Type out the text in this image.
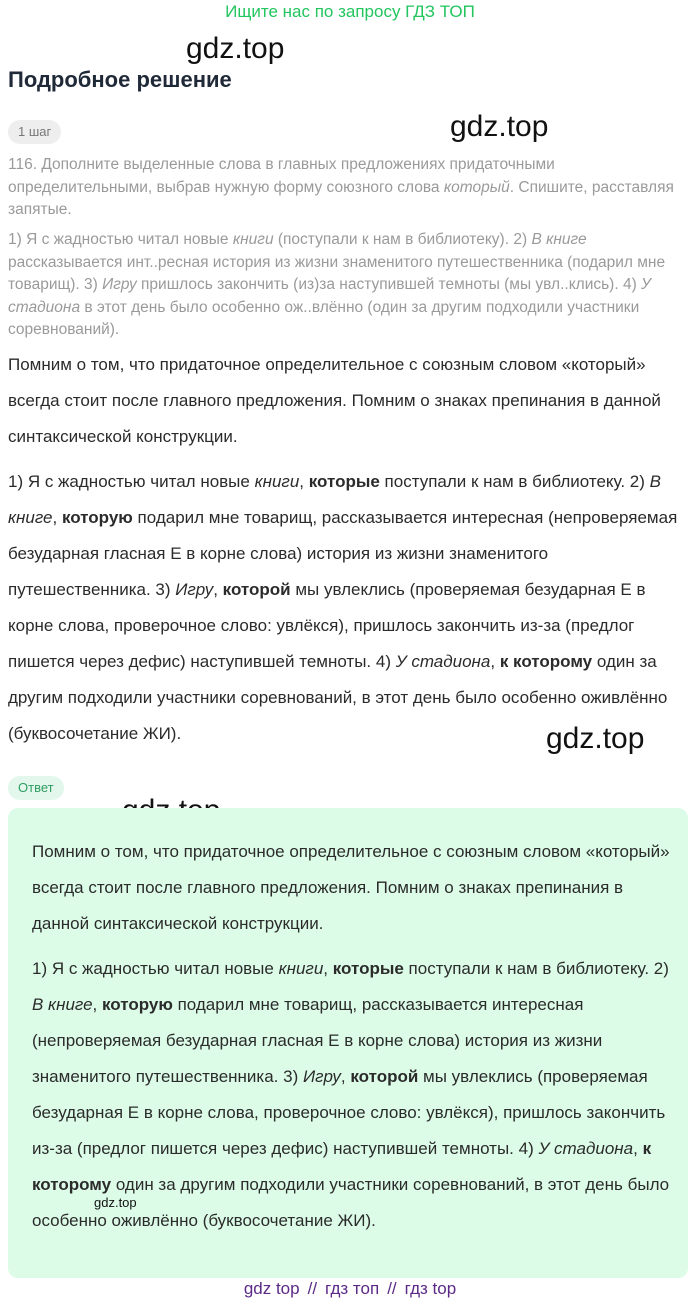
Ищите нас по запросу ГДЗ ТОП
gdz.top
gdz.top
gdz.top
Подробное решение
1 шаг

116. Дополните выделенные слова в главных предложениях придаточными определительными, выбрав нужную форму союзного слова который. Спишите, расставляя запятые.

1) Я с жадностью читал новые книги (поступали к нам в библиотеку). 2) В книге рассказывается инт..ресная история из жизни знаменитого путешественника (подарил мне товарищ). 3) Игру пришлось закончить (из)за наступившей темноты (мы увл..клись). 4) У стадиона в этот день было особенно ож..влённо (один за другим подходили участники соревнований).

Помним о том, что придаточное определительное с союзным словом «который» всегда стоит после главного предложения. Помним о знаках препинания в данной синтаксической конструкции.

1) Я с жадностью читал новые книги, которые поступали к нам в библиотеку. 2) В книге, которую подарил мне товарищ, рассказывается интересная (непроверяемая безударная гласная Е в корне слова) история из жизни знаменитого путешественника. 3) Игру, которой мы увлеклись (проверяемая безударная Е в корне слова, проверочное слово: увлёкся), пришлось закончить из-за (предлог пишется через дефис) наступившей темноты. 4) У стадиона, к которому один за другим подходили участники соревнований, в этот день было особенно оживлённо (буквосочетание ЖИ).

Ответ

Помним о том, что придаточное определительное с союзным словом «который» всегда стоит после главного предложения. Помним о знаках препинания в данной синтаксической конструкции.

1) Я с жадностью читал новые книги, которые поступали к нам в библиотеку. 2) В книге, которую подарил мне товарищ, рассказывается интересная (непроверяемая безударная гласная Е в корне слова) история из жизни знаменитого путешественника. 3) Игру, которой мы увлеклись (проверяемая безударная Е в корне слова, проверочное слово: увлёкся), пришлось закончить из-за (предлог пишется через дефис) наступившей темноты. 4) У стадиона, к которому один за другим подходили участники соревнований, в этот день было особенно оживлённо (буквосочетание ЖИ).

gdz.top
gdz top // гдз топ // гдз top
